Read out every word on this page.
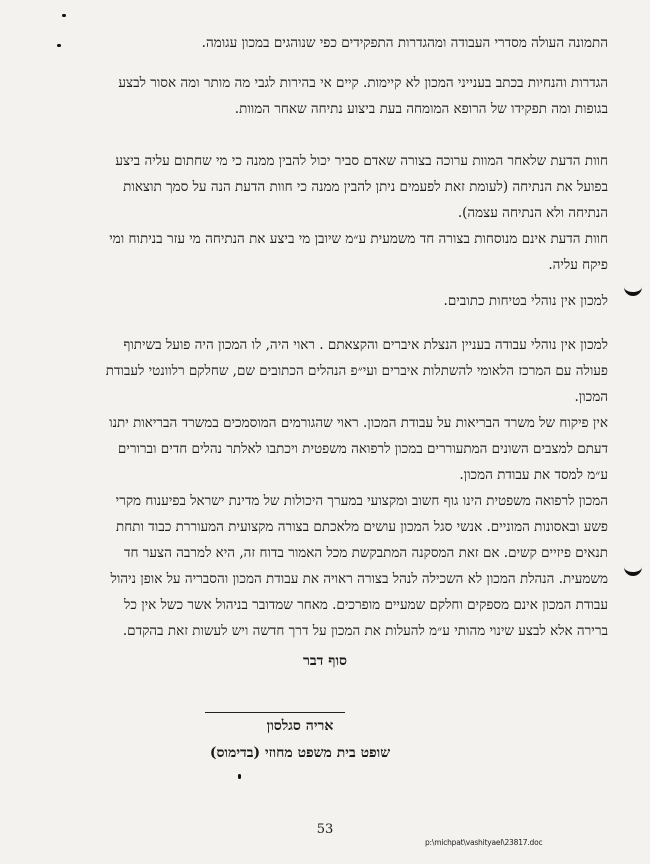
התמונה העולה מסדרי העבודה ומהגדרות התפקידים כפי שנוהגים במכון עגומה.
הגדרות והנחיות בכתב בענייני המכון לא קיימות. קיים אי בהירות לגבי מה מותר ומה אסור לבצע
בגופות ומה תפקידו של הרופא המומחה בעת ביצוע נתיחה שאחר המוות.
חוות הדעת שלאחר המוות ערוכה בצורה שאדם סביר יכול להבין ממנה כי מי שחתום עליה ביצע
בפועל את הנתיחה (לעומת זאת לפעמים ניתן להבין ממנה כי חוות הדעת הנה על סמך תוצאות
הנתיחה ולא הנתיחה עצמה).
חוות הדעת אינם מנוסחות בצורה חד משמעית ע״מ שיובן מי ביצע את הנתיחה מי עזר בניתוח ומי
פיקח עליה.
למכון אין נוהלי בטיחות כתובים.
למכון אין נוהלי עבודה בעניין הנצלת איברים והקצאתם . ראוי היה, לו המכון היה פועל בשיתוף
פעולה עם המרכז הלאומי להשתלות איברים ועי״פ הנהלים הכתובים שם, שחלקם רלוונטי לעבודת
המכון.
אין פיקוח של משרד הבריאות על עבודת המכון. ראוי שהגורמים המוסמכים במשרד הבריאות יתנו
דעתם למצבים השונים המתעוררים במכון לרפואה משפטית ויכתבו לאלתר נהלים חדים וברורים
ע״מ למסד את עבודת המכון.
המכון לרפואה משפטית הינו גוף חשוב ומקצועי במערך היכולות של מדינת ישראל בפיענוח מקרי
פשע ובאסונות המוניים. אנשי סגל המכון עושים מלאכתם בצורה מקצועית המעוררת כבוד ותחת
תנאים פיזיים קשים. אם זאת המסקנה המתבקשת מכל האמור בדוח זה, היא למרבה הצער חד
משמעית. הנהלת המכון לא השכילה לנהל בצורה ראויה את עבודת המכון והסבריה על אופן ניהול
עבודת המכון אינם מספקים וחלקם שמעיים מופרכים. מאחר שמדובר בניהול אשר כשל אין כל
ברירה אלא לבצע שינוי מהותי ע״מ להעלות את המכון על דרך חדשה ויש לעשות זאת בהקדם.
סוף דבר
אריה סגלסון
שופט בית משפט מחוזי (בדימוס)
53
p:\michpat\vashityael\23817.doc
